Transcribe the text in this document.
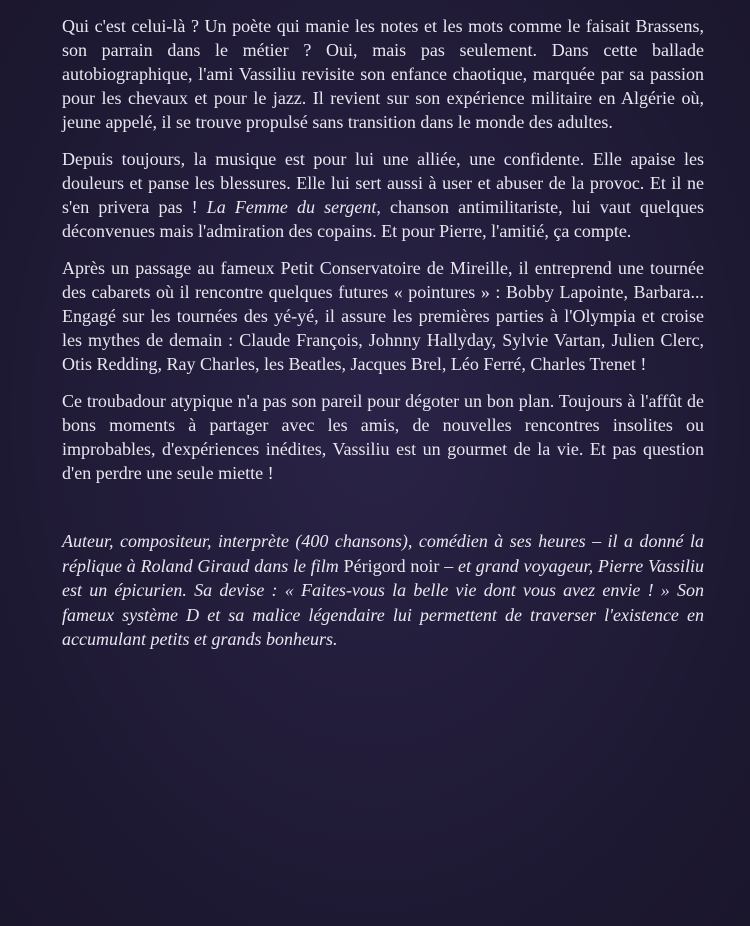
Qui c'est celui-là ? Un poète qui manie les notes et les mots comme le faisait Brassens, son parrain dans le métier ? Oui, mais pas seulement. Dans cette ballade autobiographique, l'ami Vassiliu revisite son enfance chaotique, marquée par sa passion pour les chevaux et pour le jazz. Il revient sur son expérience militaire en Algérie où, jeune appelé, il se trouve propulsé sans transition dans le monde des adultes.

Depuis toujours, la musique est pour lui une alliée, une confidente. Elle apaise les douleurs et panse les blessures. Elle lui sert aussi à user et abuser de la provoc. Et il ne s'en privera pas ! La Femme du sergent, chanson antimilitariste, lui vaut quelques déconvenues mais l'admiration des copains. Et pour Pierre, l'amitié, ça compte.

Après un passage au fameux Petit Conservatoire de Mireille, il entreprend une tournée des cabarets où il rencontre quelques futures « pointures » : Bobby Lapointe, Barbara... Engagé sur les tournées des yé-yé, il assure les premières parties à l'Olympia et croise les mythes de demain : Claude François, Johnny Hallyday, Sylvie Vartan, Julien Clerc, Otis Redding, Ray Charles, les Beatles, Jacques Brel, Léo Ferré, Charles Trenet !

Ce troubadour atypique n'a pas son pareil pour dégoter un bon plan. Toujours à l'affût de bons moments à partager avec les amis, de nouvelles rencontres insolites ou improbables, d'expériences inédites, Vassiliu est un gourmet de la vie. Et pas question d'en perdre une seule miette !

Auteur, compositeur, interprète (400 chansons), comédien à ses heures – il a donné la réplique à Roland Giraud dans le film Périgord noir – et grand voyageur, Pierre Vassiliu est un épicurien. Sa devise : « Faites-vous la belle vie dont vous avez envie ! » Son fameux système D et sa malice légendaire lui permettent de traverser l'existence en accumulant petits et grands bonheurs.
